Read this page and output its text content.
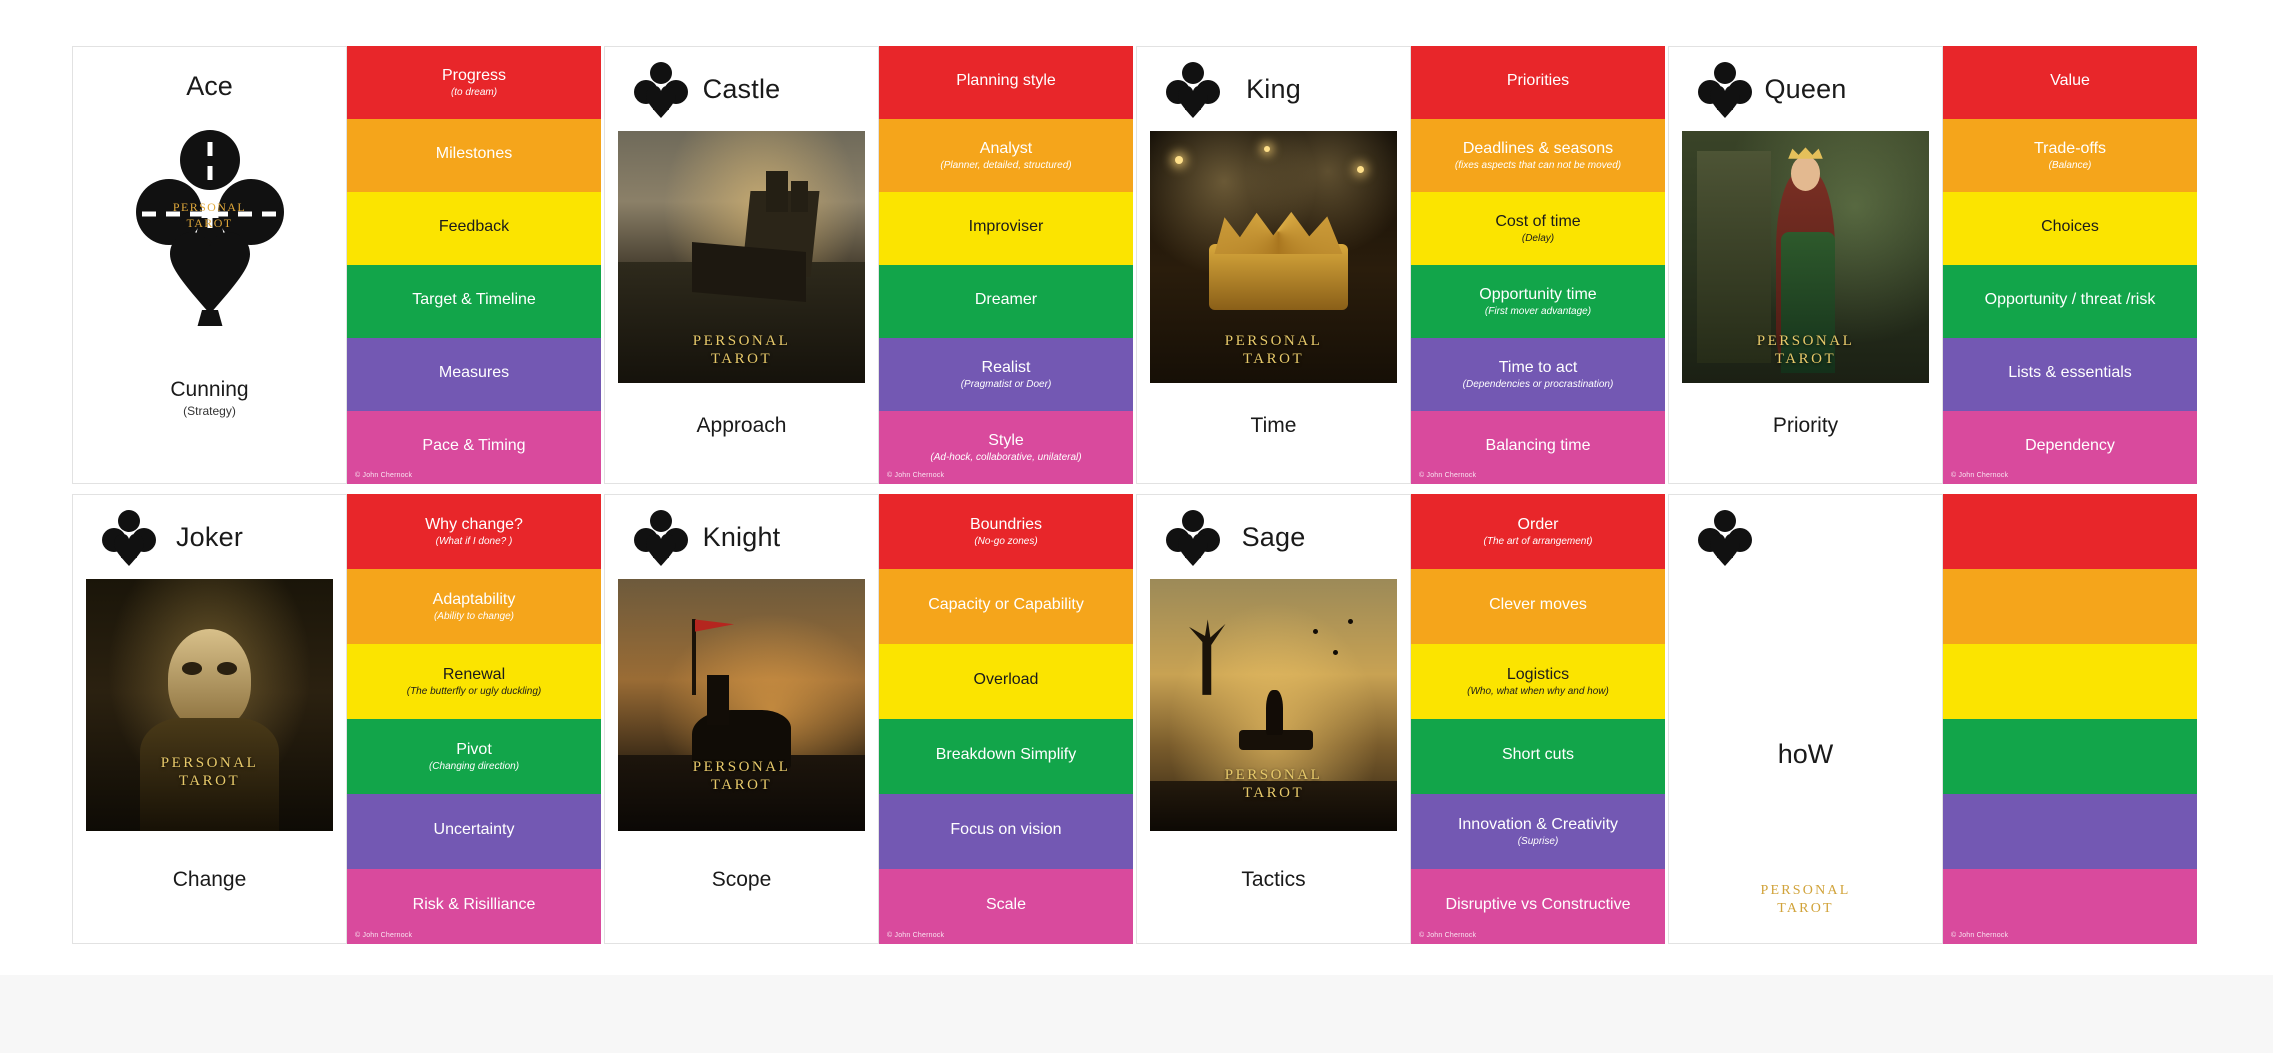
Ace
PERSONAL
TAROT
Cunning
(Strategy)
Progress
(to dream)
Milestones
Feedback
Target & Timeline
Measures
Pace & Timing
© John Chernock
Castle
PERSONAL
TAROT
Approach
Planning style
Analyst
(Planner, detailed, structured)
Improviser
Dreamer
Realist
(Pragmatist or Doer)
Style
(Ad-hock, collaborative, unilateral)
© John Chernock
King
PERSONAL
TAROT
Time
Priorities
Deadlines & seasons
(fixes aspects that can not be moved)
Cost of time
(Delay)
Opportunity time
(First mover advantage)
Time to act
(Dependencies or procrastination)
Balancing time
© John Chernock
Queen
PERSONAL
TAROT
Priority
Value
Trade-offs
(Balance)
Choices
Opportunity / threat /risk
Lists & essentials
Dependency
© John Chernock
Joker
PERSONAL
TAROT
Change
Why change?
(What if I done? )
Adaptability
(Ability to change)
Renewal
(The butterfly or ugly duckling)
Pivot
(Changing direction)
Uncertainty
Risk & Risilliance
© John Chernock
Knight
PERSONAL
TAROT
Scope
Boundries
(No-go zones)
Capacity or Capability
Overload
Breakdown Simplify
Focus on vision
Scale
© John Chernock
Sage
PERSONAL
TAROT
Tactics
Order
(The art of arrangement)
Clever moves
Logistics
(Who, what when why and how)
Short cuts
Innovation & Creativity
(Suprise)
Disruptive vs Constructive
© John Chernock
hoW
PERSONAL
TAROT
© John Chernock
